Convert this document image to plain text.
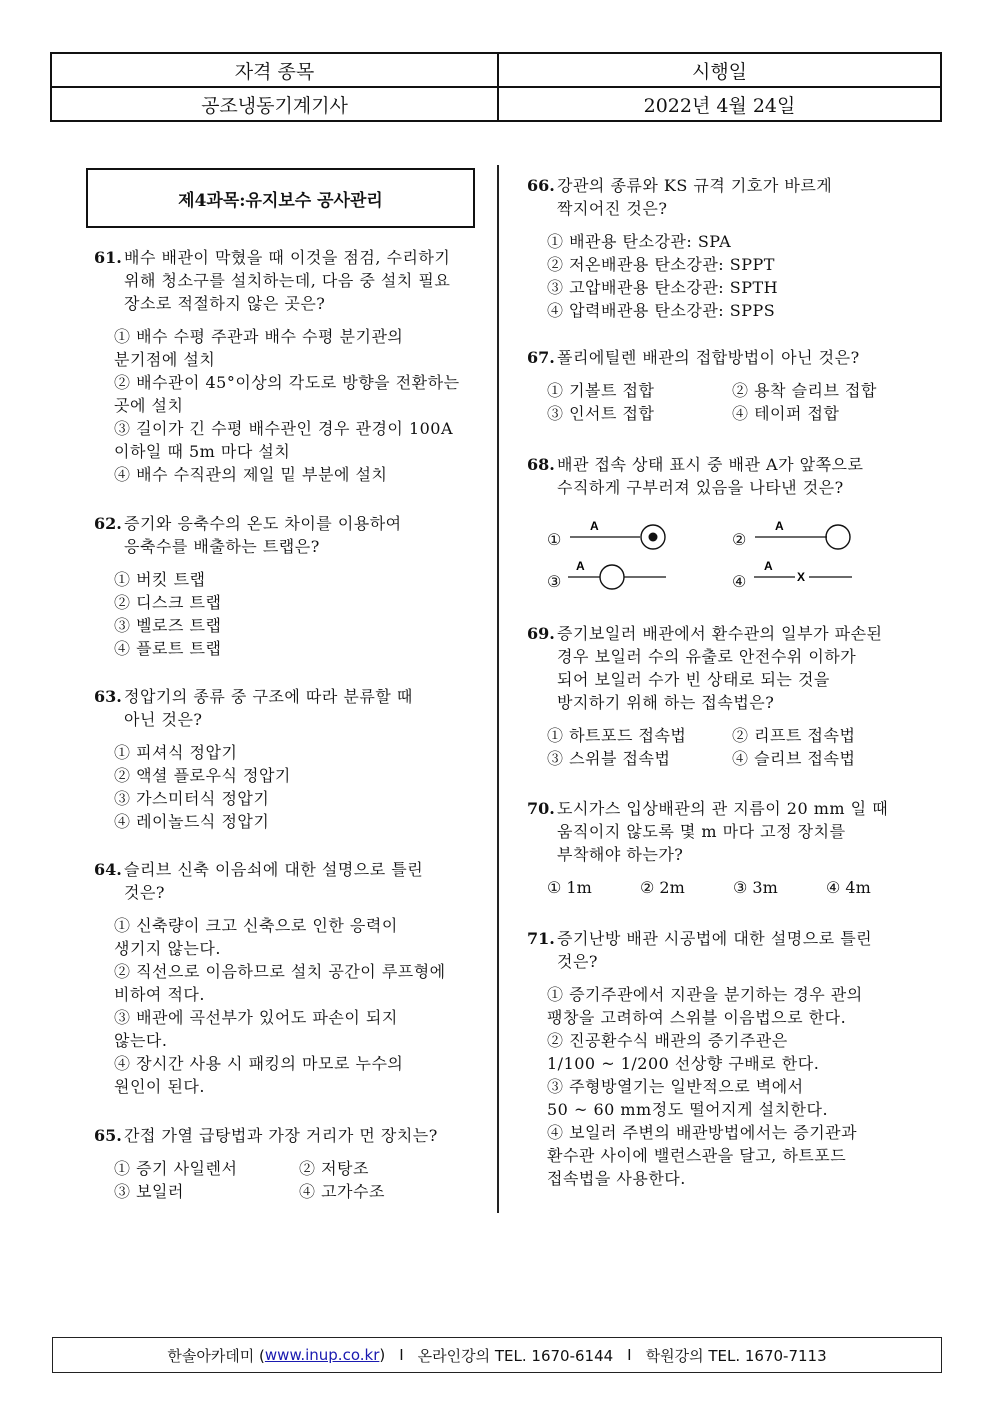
자격 종목	시행일
공조냉동기계기사	2022년 4월 24일
제4과목:유지보수 공사관리
61. 배수 배관이 막혔을 때 이것을 점검, 수리하기
위해 청소구를 설치하는데, 다음 중 설치 필요
장소로 적절하지 않은 곳은?
① 배수 수평 주관과 배수 수평 분기관의
분기점에 설치
② 배수관이 45°이상의 각도로 방향을 전환하는
곳에 설치
③ 길이가 긴 수평 배수관인 경우 관경이 100A
이하일 때 5m 마다 설치
④ 배수 수직관의 제일 밑 부분에 설치
62. 증기와 응축수의 온도 차이를 이용하여
응축수를 배출하는 트랩은?
① 버킷 트랩
② 디스크 트랩
③ 벨로즈 트랩
④ 플로트 트랩
63. 정압기의 종류 중 구조에 따라 분류할 때
아닌 것은?
① 피셔식 정압기
② 액셜 플로우식 정압기
③ 가스미터식 정압기
④ 레이놀드식 정압기
64. 슬리브 신축 이음쇠에 대한 설명으로 틀린
것은?
① 신축량이 크고 신축으로 인한 응력이
생기지 않는다.
② 직선으로 이음하므로 설치 공간이 루프형에
비하여 적다.
③ 배관에 곡선부가 있어도 파손이 되지
않는다.
④ 장시간 사용 시 패킹의 마모로 누수의
원인이 된다.
65. 간접 가열 급탕법과 가장 거리가 먼 장치는?
① 증기 사일렌서	② 저탕조
③ 보일러	④ 고가수조
66. 강관의 종류와 KS 규격 기호가 바르게
짝지어진 것은?
① 배관용 탄소강관: SPA
② 저온배관용 탄소강관: SPPT
③ 고압배관용 탄소강관: SPTH
④ 압력배관용 탄소강관: SPPS
67. 폴리에틸렌 배관의 접합방법이 아닌 것은?
① 기볼트 접합	② 용착 슬리브 접합
③ 인서트 접합	④ 테이퍼 접합
68. 배관 접속 상태 표시 중 배관 A가 앞쪽으로
수직하게 구부러져 있음을 나타낸 것은?
①
A
②
A
③
A
④	X
A
69. 증기보일러 배관에서 환수관의 일부가 파손된
경우 보일러 수의 유출로 안전수위 이하가
되어 보일러 수가 빈 상태로 되는 것을
방지하기 위해 하는 접속법은?
① 하트포드 접속법	② 리프트 접속법
③ 스위블 접속법	④ 슬리브 접속법
70. 도시가스 입상배관의 관 지름이 20 mm 일 때
움직이지 않도록 몇 m 마다 고정 장치를
부착해야 하는가?
① 1m	② 2m	③ 3m	④ 4m
71. 증기난방 배관 시공법에 대한 설명으로 틀린
것은?
① 증기주관에서 지관을 분기하는 경우 관의
팽창을 고려하여 스위블 이음법으로 한다.
② 진공환수식 배관의 증기주관은
1/100 ~ 1/200 선상향 구배로 한다.
③ 주형방열기는 일반적으로 벽에서
50 ~ 60 mm정도 떨어지게 설치한다.
④ 보일러 주변의 배관방법에서는 증기관과
환수관 사이에 밸런스관을 달고, 하트포드
접속법을 사용한다.
한솔아카데미 ( www.inup.co.kr ) I 온라인강의 TEL. 1670-6144 I 학원강의 TEL. 1670-7113
